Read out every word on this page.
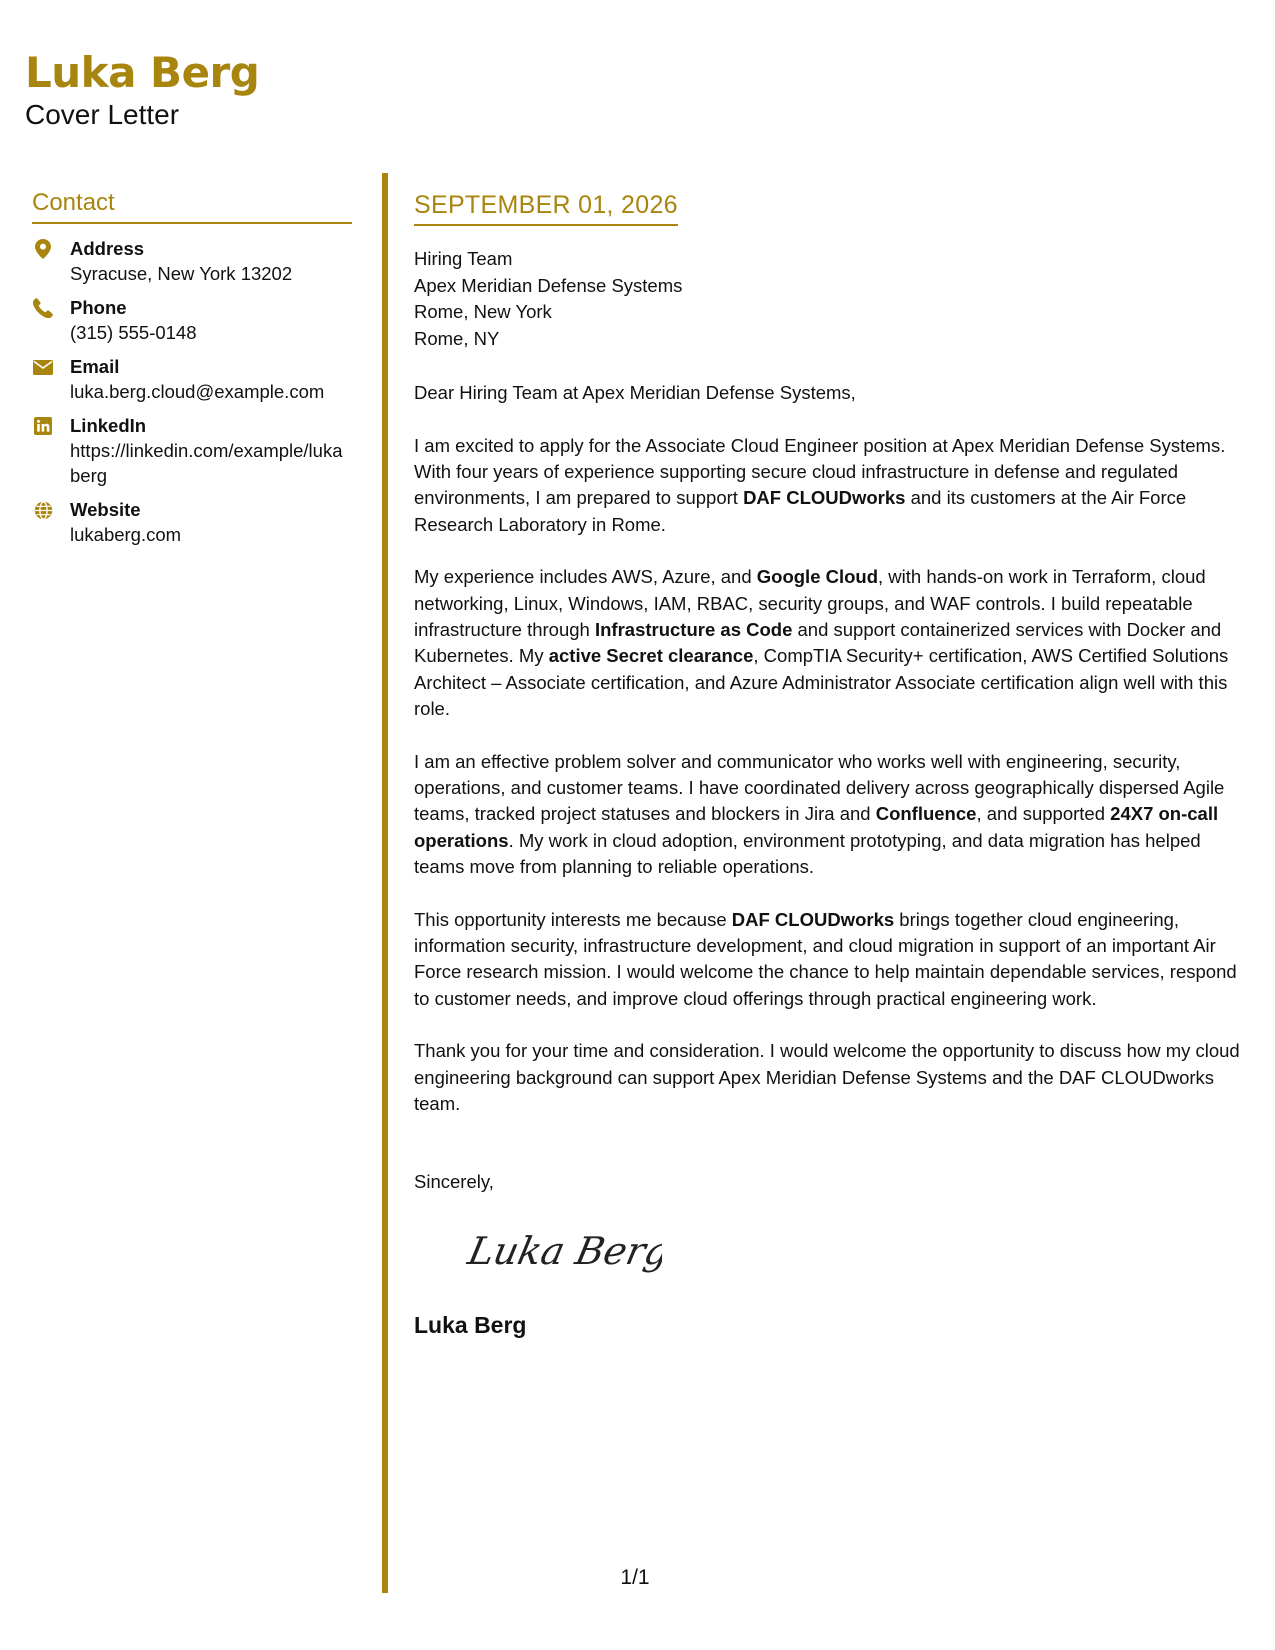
Luka Berg
Cover Letter
Contact
Address
Syracuse, New York 13202
Phone
(315) 555-0148
Email
luka.berg.cloud@example.com
LinkedIn
https://linkedin.com/example/lukaberg
Website
lukaberg.com
SEPTEMBER 01, 2026
Hiring Team
Apex Meridian Defense Systems
Rome, New York
Rome, NY
Dear Hiring Team at Apex Meridian Defense Systems,
I am excited to apply for the Associate Cloud Engineer position at Apex Meridian Defense Systems. With four years of experience supporting secure cloud infrastructure in defense and regulated environments, I am prepared to support DAF CLOUDworks and its customers at the Air Force Research Laboratory in Rome.
My experience includes AWS, Azure, and Google Cloud, with hands-on work in Terraform, cloud networking, Linux, Windows, IAM, RBAC, security groups, and WAF controls. I build repeatable infrastructure through Infrastructure as Code and support containerized services with Docker and Kubernetes. My active Secret clearance, CompTIA Security+ certification, AWS Certified Solutions Architect – Associate certification, and Azure Administrator Associate certification align well with this role.
I am an effective problem solver and communicator who works well with engineering, security, operations, and customer teams. I have coordinated delivery across geographically dispersed Agile teams, tracked project statuses and blockers in Jira and Confluence, and supported 24X7 on-call operations. My work in cloud adoption, environment prototyping, and data migration has helped teams move from planning to reliable operations.
This opportunity interests me because DAF CLOUDworks brings together cloud engineering, information security, infrastructure development, and cloud migration in support of an important Air Force research mission. I would welcome the chance to help maintain dependable services, respond to customer needs, and improve cloud offerings through practical engineering work.
Thank you for your time and consideration. I would welcome the opportunity to discuss how my cloud engineering background can support Apex Meridian Defense Systems and the DAF CLOUDworks team.
Sincerely,
Luka Berg
Luka Berg
1/1
